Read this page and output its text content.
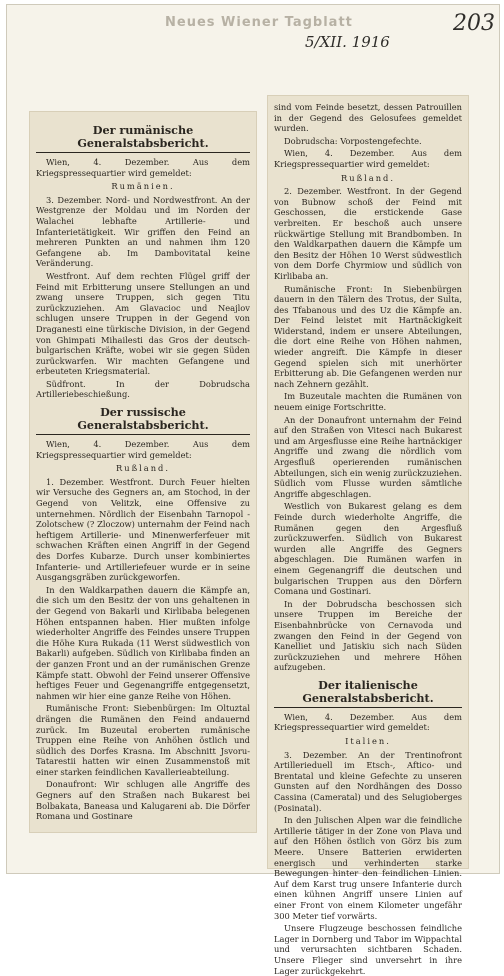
Neues Wiener Tagblatt
5/XII. 1916
203
Der rumänische Generalstabsbericht.

Wien, 4. Dezember. Aus dem Kriegspressequartier wird gemeldet:

Rumänien.

3. Dezember. Nord- und Nordwestfront. An der Westgrenze der Moldau und im Norden der Walachei lebhafte Artillerie- und Infanterietätigkeit. Wir griffen den Feind an mehreren Punkten an und nahmen ihm 120 Gefangene ab. Im Dambovitatal keine Veränderung.

Westfront. Auf dem rechten Flügel griff der Feind mit Erbitterung unsere Stellungen an und zwang unsere Truppen, sich gegen Titu zurückzuziehen. Am Glavacioc und Neajlov schlugen unsere Truppen in der Gegend von Draganesti eine türkische Division, in der Gegend von Ghimpati Mihailesti das Gros der deutsch-bulgarischen Kräfte, wobei wir sie gegen Süden zurückwarfen. Wir machten Gefangene und erbeuteten Kriegsmaterial.

Südfront. In der Dobrudscha Artilleriebeschießung.

Der russische Generalstabsbericht.

Wien, 4. Dezember. Aus dem Kriegspressequartier wird gemeldet:

Rußland.

1. Dezember. Westfront. Durch Feuer hielten wir Versuche des Gegners an, am Stochod, in der Gegend von Velitzk, eine Offensive zu unternehmen. Nördlich der Eisenbahn Tarnopol - Zolotschew (? Zloczow) unternahm der Feind nach heftigem Artillerie- und Minenwerferfeuer mit schwachen Kräften einen Angriff in der Gegend des Dorfes Kubarze. Durch unser kombiniertes Infanterie- und Artilleriefeuer wurde er in seine Ausgangsgräben zurückgeworfen.

In den Waldkarpathen dauern die Kämpfe an, die sich um den Besitz der von uns gehaltenen in der Gegend von Bakarli und Kirlibaba belegenen Höhen entspannen haben. Hier mußten infolge wiederholter Angriffe des Feindes unsere Truppen die Höhe Kura Rukada (11 Werst südwestlich von Bakarli) aufgeben. Südlich von Kirlibaba finden an der ganzen Front und an der rumänischen Grenze Kämpfe statt. Obwohl der Feind unserer Offensive heftiges Feuer und Gegenangriffe entgegensetzt, nahmen wir hier eine ganze Reihe von Höhen.

Rumänische Front: Siebenbürgen: Im Oltuztal drängen die Rumänen den Feind andauernd zurück. Im Buzeutal eroberten rumänische Truppen eine Reihe von Anhöhen östlich und südlich des Dorfes Krasna. Im Abschnitt Jsvoru-Tatarestii hatten wir einen Zusammenstoß mit einer starken feindlichen Kavallerieabteilung.

Donaufront: Wir schlugen alle Angriffe des Gegners auf den Straßen nach Bukarest bei Bolbakata, Baneasa und Kalugareni ab. Die Dörfer Romana und Gostinare

sind vom Feinde besetzt, dessen Patrouillen in der Gegend des Gelosufees gemeldet wurden.

Dobrudscha: Vorpostengefechte.

Wien, 4. Dezember. Aus dem Kriegspressequartier wird gemeldet:

Rußland.

2. Dezember. Westfront. In der Gegend von Bubnow schoß der Feind mit Geschossen, die erstickende Gase verbreiten. Er beschoß auch unsere rückwärtige Stellung mit Brandbomben. In den Waldkarpathen dauern die Kämpfe um den Besitz der Höhen 10 Werst südwestlich von dem Dorfe Chyrmiow und südlich von Kirlibaba an.

Rumänische Front: In Siebenbürgen dauern in den Tälern des Trotus, der Sulta, des Tfabanous und des Uz die Kämpfe an. Der Feind leistet mit Hartnäckigkeit Widerstand, indem er unsere Abteilungen, die dort eine Reihe von Höhen nahmen, wieder angreift. Die Kämpfe in dieser Gegend spielen sich mit unerhörter Erbitterung ab. Die Gefangenen werden nur nach Zehnern gezählt.

Im Buzeutale machten die Rumänen von neuem einige Fortschritte.

An der Donaufront unternahm der Feind auf den Straßen von Vitesci nach Bukarest und am Argesflusse eine Reihe hartnäckiger Angriffe und zwang die nördlich vom Argesfluß operierenden rumänischen Abteilungen, sich ein wenig zurückzuziehen. Südlich vom Flusse wurden sämtliche Angriffe abgeschlagen.

Westlich von Bukarest gelang es dem Feinde durch wiederholte Angriffe, die Rumänen gegen den Argesfluß zurückzuwerfen. Südlich von Bukarest wurden alle Angriffe des Gegners abgeschlagen. Die Rumänen warfen in einem Gegenangriff die deutschen und bulgarischen Truppen aus den Dörfern Comana und Gostinari.

In der Dobrudscha beschossen sich unsere Truppen im Bereiche der Eisenbahnbrücke von Cernavoda und zwangen den Feind in der Gegend von Kanelliet und Jatiskiu sich nach Süden zurückzuziehen und mehrere Höhen aufzugeben.

Der italienische Generalstabsbericht.

Wien, 4. Dezember. Aus dem Kriegspressequartier wird gemeldet:

Italien.

3. Dezember. An der Trentinofront Artillerieduell im Etsch-, Aftico- und Brentatal und kleine Gefechte zu unseren Gunsten auf den Nordhängen des Dosso Cassina (Cameratal) und des Selugioberges (Posinatal).

In den Julischen Alpen war die feindliche Artillerie tätiger in der Zone von Plava und auf den Höhen östlich von Görz bis zum Meere. Unsere Batterien erwiderten energisch und verhinderten starke Bewegungen hinter den feindlichen Linien. Auf dem Karst trug unsere Infanterie durch einen kühnen Angriff unsere Linien auf einer Front von einem Kilometer ungefähr 300 Meter tief vorwärts.

Unsere Flugzeuge beschossen feindliche Lager in Dornberg und Tabor im Wippachtal und verursachten sichtbaren Schaden. Unsere Flieger sind unversehrt in ihre Lager zurückgekehrt.
